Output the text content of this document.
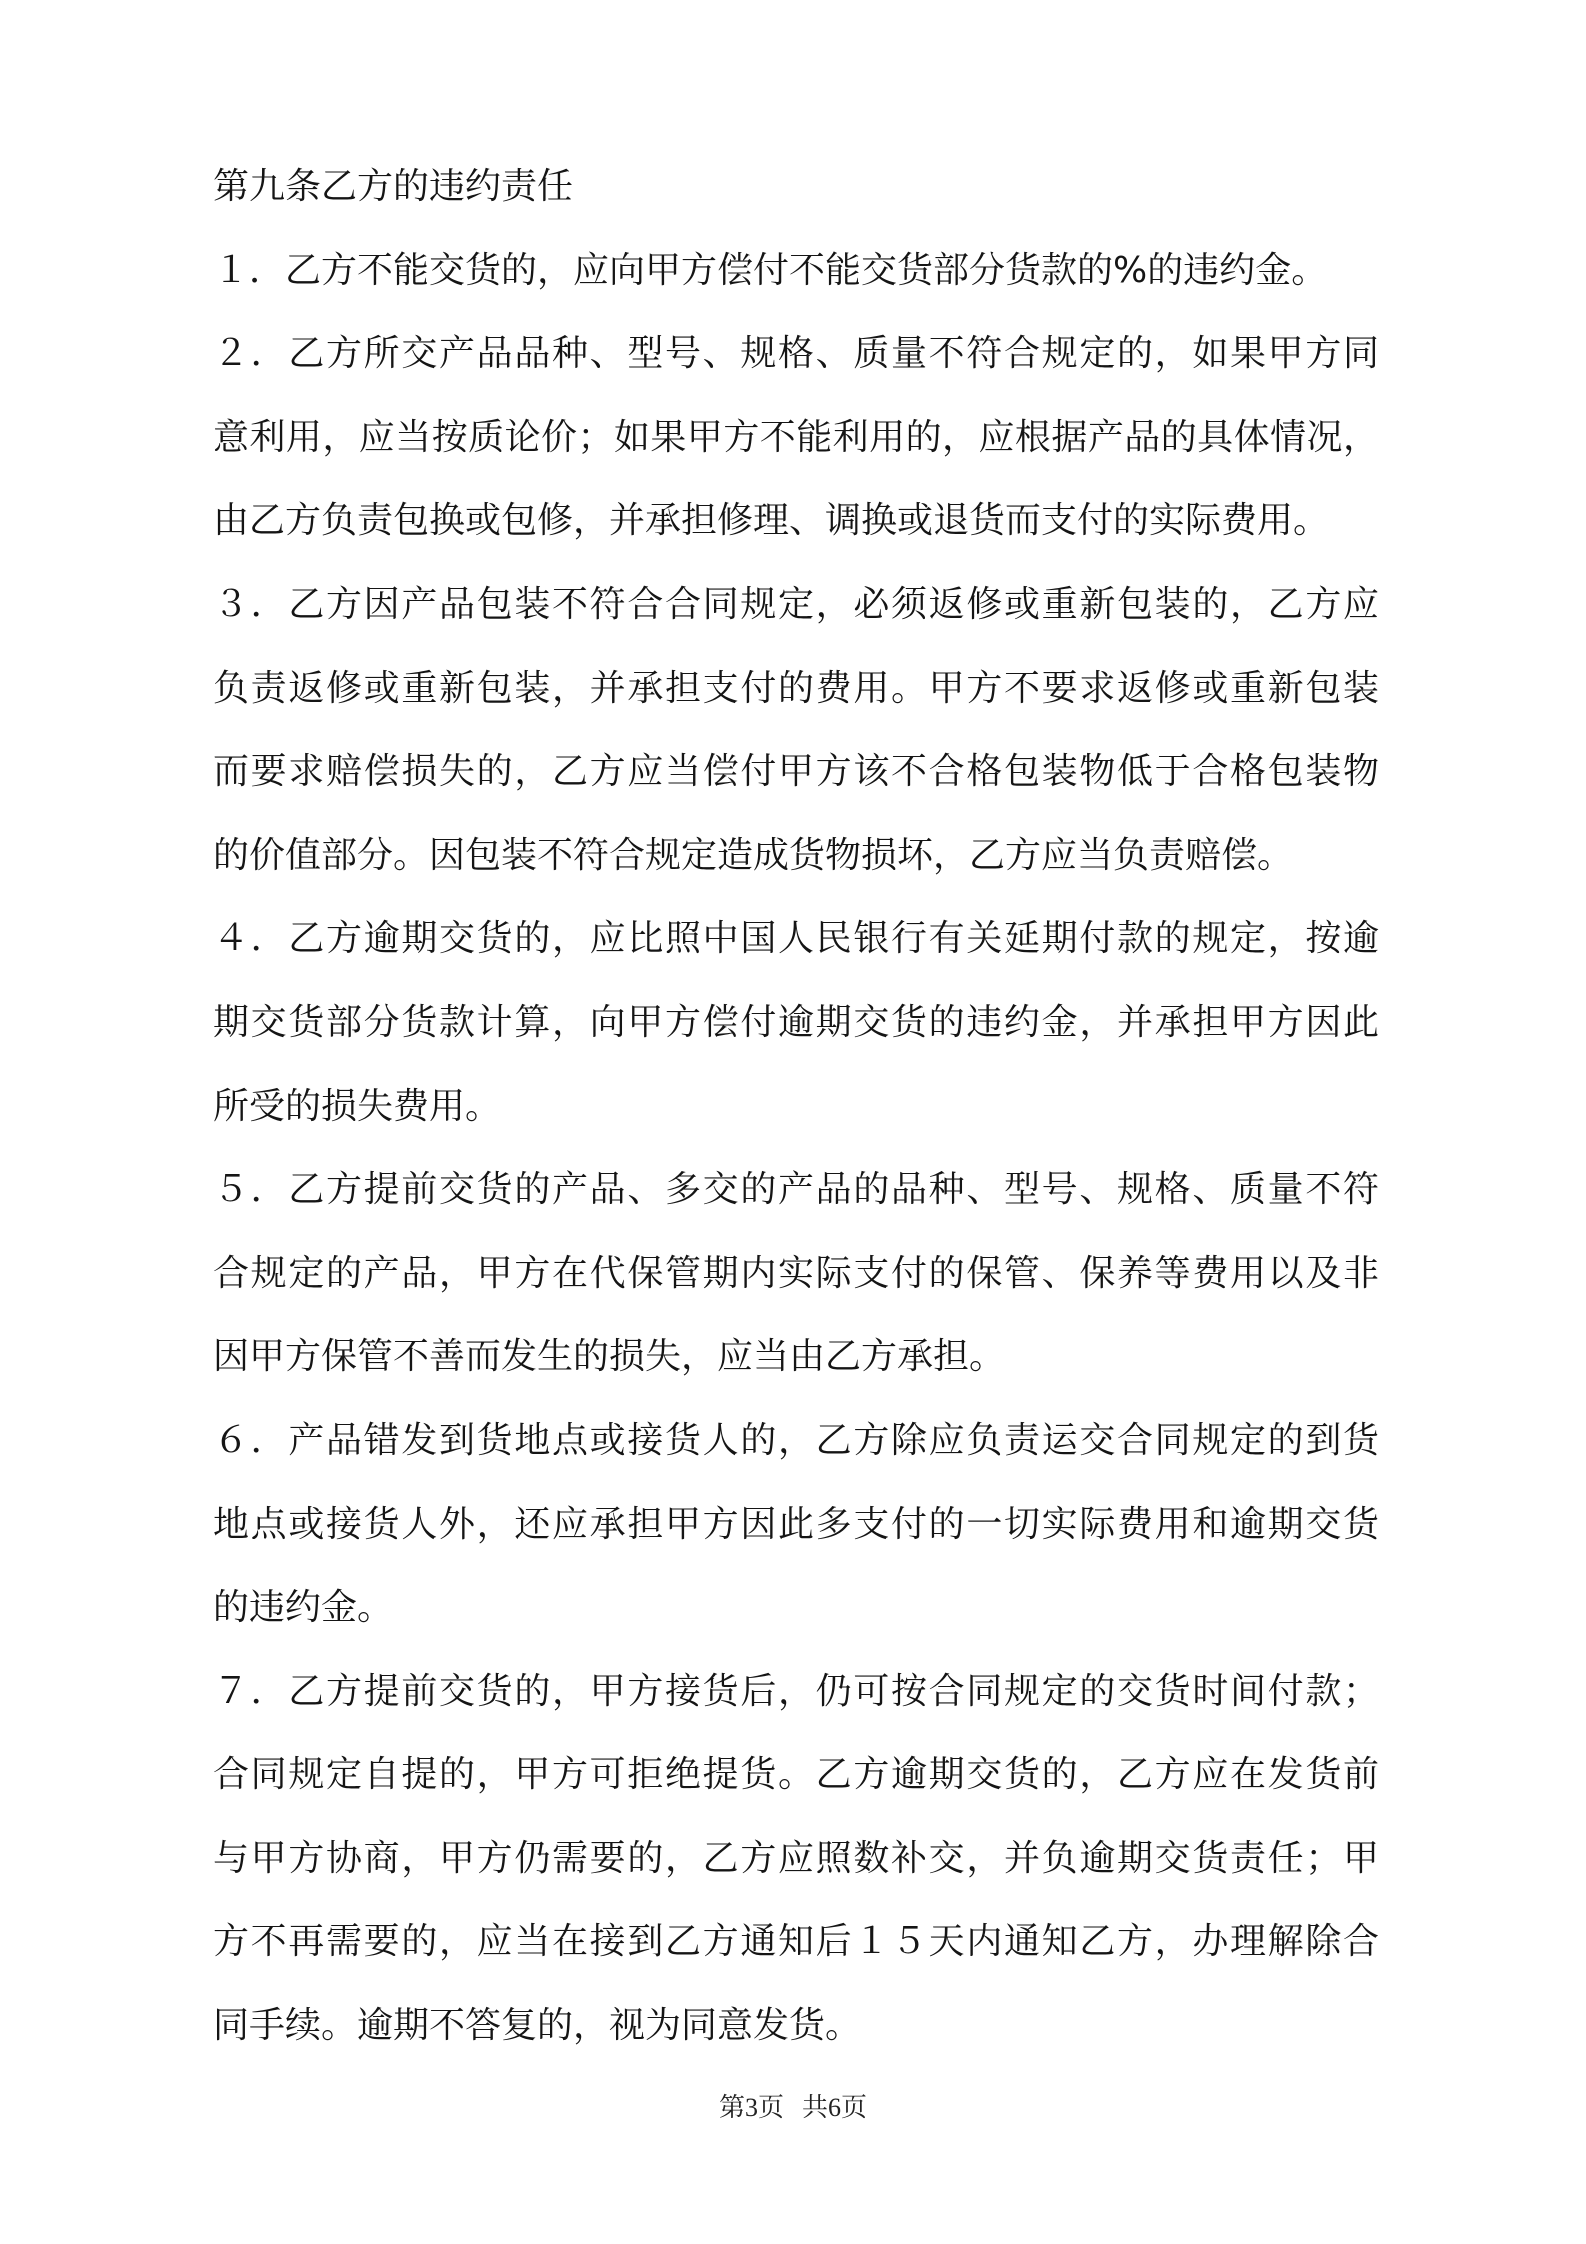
第九条乙方的违约责任
１．乙方不能交货的，应向甲方偿付不能交货部分货款的%的违约金。
２．乙方所交产品品种、型号、规格、质量不符合规定的，如果甲方同
意利用，应当按质论价；如果甲方不能利用的，应根据产品的具体情况，
由乙方负责包换或包修，并承担修理、调换或退货而支付的实际费用。
３．乙方因产品包装不符合合同规定，必须返修或重新包装的，乙方应
负责返修或重新包装，并承担支付的费用。甲方不要求返修或重新包装
而要求赔偿损失的，乙方应当偿付甲方该不合格包装物低于合格包装物
的价值部分。因包装不符合规定造成货物损坏，乙方应当负责赔偿。
４．乙方逾期交货的，应比照中国人民银行有关延期付款的规定，按逾
期交货部分货款计算，向甲方偿付逾期交货的违约金，并承担甲方因此
所受的损失费用。
５．乙方提前交货的产品、多交的产品的品种、型号、规格、质量不符
合规定的产品，甲方在代保管期内实际支付的保管、保养等费用以及非
因甲方保管不善而发生的损失，应当由乙方承担。
６．产品错发到货地点或接货人的，乙方除应负责运交合同规定的到货
地点或接货人外，还应承担甲方因此多支付的一切实际费用和逾期交货
的违约金。
７．乙方提前交货的，甲方接货后，仍可按合同规定的交货时间付款；
合同规定自提的，甲方可拒绝提货。乙方逾期交货的，乙方应在发货前
与甲方协商，甲方仍需要的，乙方应照数补交，并负逾期交货责任；甲
方不再需要的，应当在接到乙方通知后１５天内通知乙方，办理解除合
同手续。逾期不答复的，视为同意发货。
第3页 共6页
